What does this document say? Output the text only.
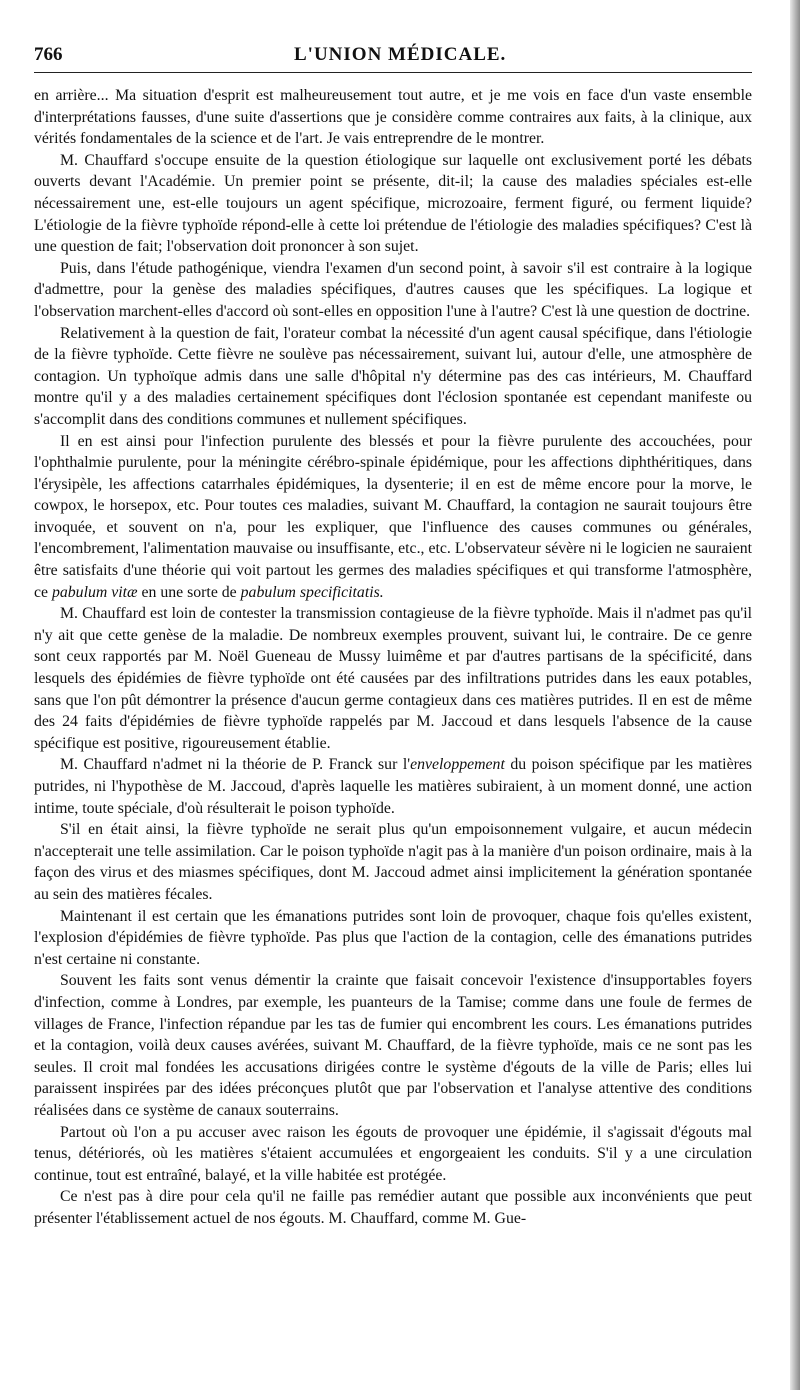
766	L'UNION MÉDICALE.

en arrière... Ma situation d'esprit est malheureusement tout autre, et je me vois en face d'un vaste ensemble d'interprétations fausses, d'une suite d'assertions que je considère comme contraires aux faits, à la clinique, aux vérités fondamentales de la science et de l'art. Je vais entreprendre de le montrer.

M. Chauffard s'occupe ensuite de la question étiologique sur laquelle ont exclusivement porté les débats ouverts devant l'Académie. Un premier point se présente, dit-il; la cause des maladies spéciales est-elle nécessairement une, est-elle toujours un agent spécifique, microzoaire, ferment figuré, ou ferment liquide? L'étiologie de la fièvre typhoïde répond-elle à cette loi prétendue de l'étiologie des maladies spécifiques? C'est là une question de fait; l'observation doit prononcer à son sujet.

Puis, dans l'étude pathogénique, viendra l'examen d'un second point, à savoir s'il est contraire à la logique d'admettre, pour la genèse des maladies spécifiques, d'autres causes que les spécifiques. La logique et l'observation marchent-elles d'accord où sont-elles en opposition l'une à l'autre? C'est là une question de doctrine.

Relativement à la question de fait, l'orateur combat la nécessité d'un agent causal spécifique, dans l'étiologie de la fièvre typhoïde. Cette fièvre ne soulève pas nécessairement, suivant lui, autour d'elle, une atmosphère de contagion. Un typhoïque admis dans une salle d'hôpital n'y détermine pas des cas intérieurs, M. Chauffard montre qu'il y a des maladies certainement spécifiques dont l'éclosion spontanée est cependant manifeste ou s'accomplit dans des conditions communes et nullement spécifiques.

Il en est ainsi pour l'infection purulente des blessés et pour la fièvre purulente des accouchées, pour l'ophthalmie purulente, pour la méningite cérébro-spinale épidémique, pour les affections diphthéritiques, dans l'érysipèle, les affections catarrhales épidémiques, la dysenterie; il en est de même encore pour la morve, le cowpox, le horsepox, etc. Pour toutes ces maladies, suivant M. Chauffard, la contagion ne saurait toujours être invoquée, et souvent on n'a, pour les expliquer, que l'influence des causes communes ou générales, l'encombrement, l'alimentation mauvaise ou insuffisante, etc., etc. L'observateur sévère ni le logicien ne sauraient être satisfaits d'une théorie qui voit partout les germes des maladies spécifiques et qui transforme l'atmosphère, ce pabulum vitæ en une sorte de pabulum specificitatis.

M. Chauffard est loin de contester la transmission contagieuse de la fièvre typhoïde. Mais il n'admet pas qu'il n'y ait que cette genèse de la maladie. De nombreux exemples prouvent, suivant lui, le contraire. De ce genre sont ceux rapportés par M. Noël Gueneau de Mussy luimême et par d'autres partisans de la spécificité, dans lesquels des épidémies de fièvre typhoïde ont été causées par des infiltrations putrides dans les eaux potables, sans que l'on pût démontrer la présence d'aucun germe contagieux dans ces matières putrides. Il en est de même des 24 faits d'épidémies de fièvre typhoïde rappelés par M. Jaccoud et dans lesquels l'absence de la cause spécifique est positive, rigoureusement établie.

M. Chauffard n'admet ni la théorie de P. Franck sur l'enveloppement du poison spécifique par les matières putrides, ni l'hypothèse de M. Jaccoud, d'après laquelle les matières subiraient, à un moment donné, une action intime, toute spéciale, d'où résulterait le poison typhoïde.

S'il en était ainsi, la fièvre typhoïde ne serait plus qu'un empoisonnement vulgaire, et aucun médecin n'accepterait une telle assimilation. Car le poison typhoïde n'agit pas à la manière d'un poison ordinaire, mais à la façon des virus et des miasmes spécifiques, dont M. Jaccoud admet ainsi implicitement la génération spontanée au sein des matières fécales.

Maintenant il est certain que les émanations putrides sont loin de provoquer, chaque fois qu'elles existent, l'explosion d'épidémies de fièvre typhoïde. Pas plus que l'action de la contagion, celle des émanations putrides n'est certaine ni constante.

Souvent les faits sont venus démentir la crainte que faisait concevoir l'existence d'insupportables foyers d'infection, comme à Londres, par exemple, les puanteurs de la Tamise; comme dans une foule de fermes de villages de France, l'infection répandue par les tas de fumier qui encombrent les cours. Les émanations putrides et la contagion, voilà deux causes avérées, suivant M. Chauffard, de la fièvre typhoïde, mais ce ne sont pas les seules. Il croit mal fondées les accusations dirigées contre le système d'égouts de la ville de Paris; elles lui paraissent inspirées par des idées préconçues plutôt que par l'observation et l'analyse attentive des conditions réalisées dans ce système de canaux souterrains.

Partout où l'on a pu accuser avec raison les égouts de provoquer une épidémie, il s'agissait d'égouts mal tenus, détériorés, où les matières s'étaient accumulées et engorgeaient les conduits. S'il y a une circulation continue, tout est entraîné, balayé, et la ville habitée est protégée.

Ce n'est pas à dire pour cela qu'il ne faille pas remédier autant que possible aux inconvénients que peut présenter l'établissement actuel de nos égouts. M. Chauffard, comme M. Gue-
